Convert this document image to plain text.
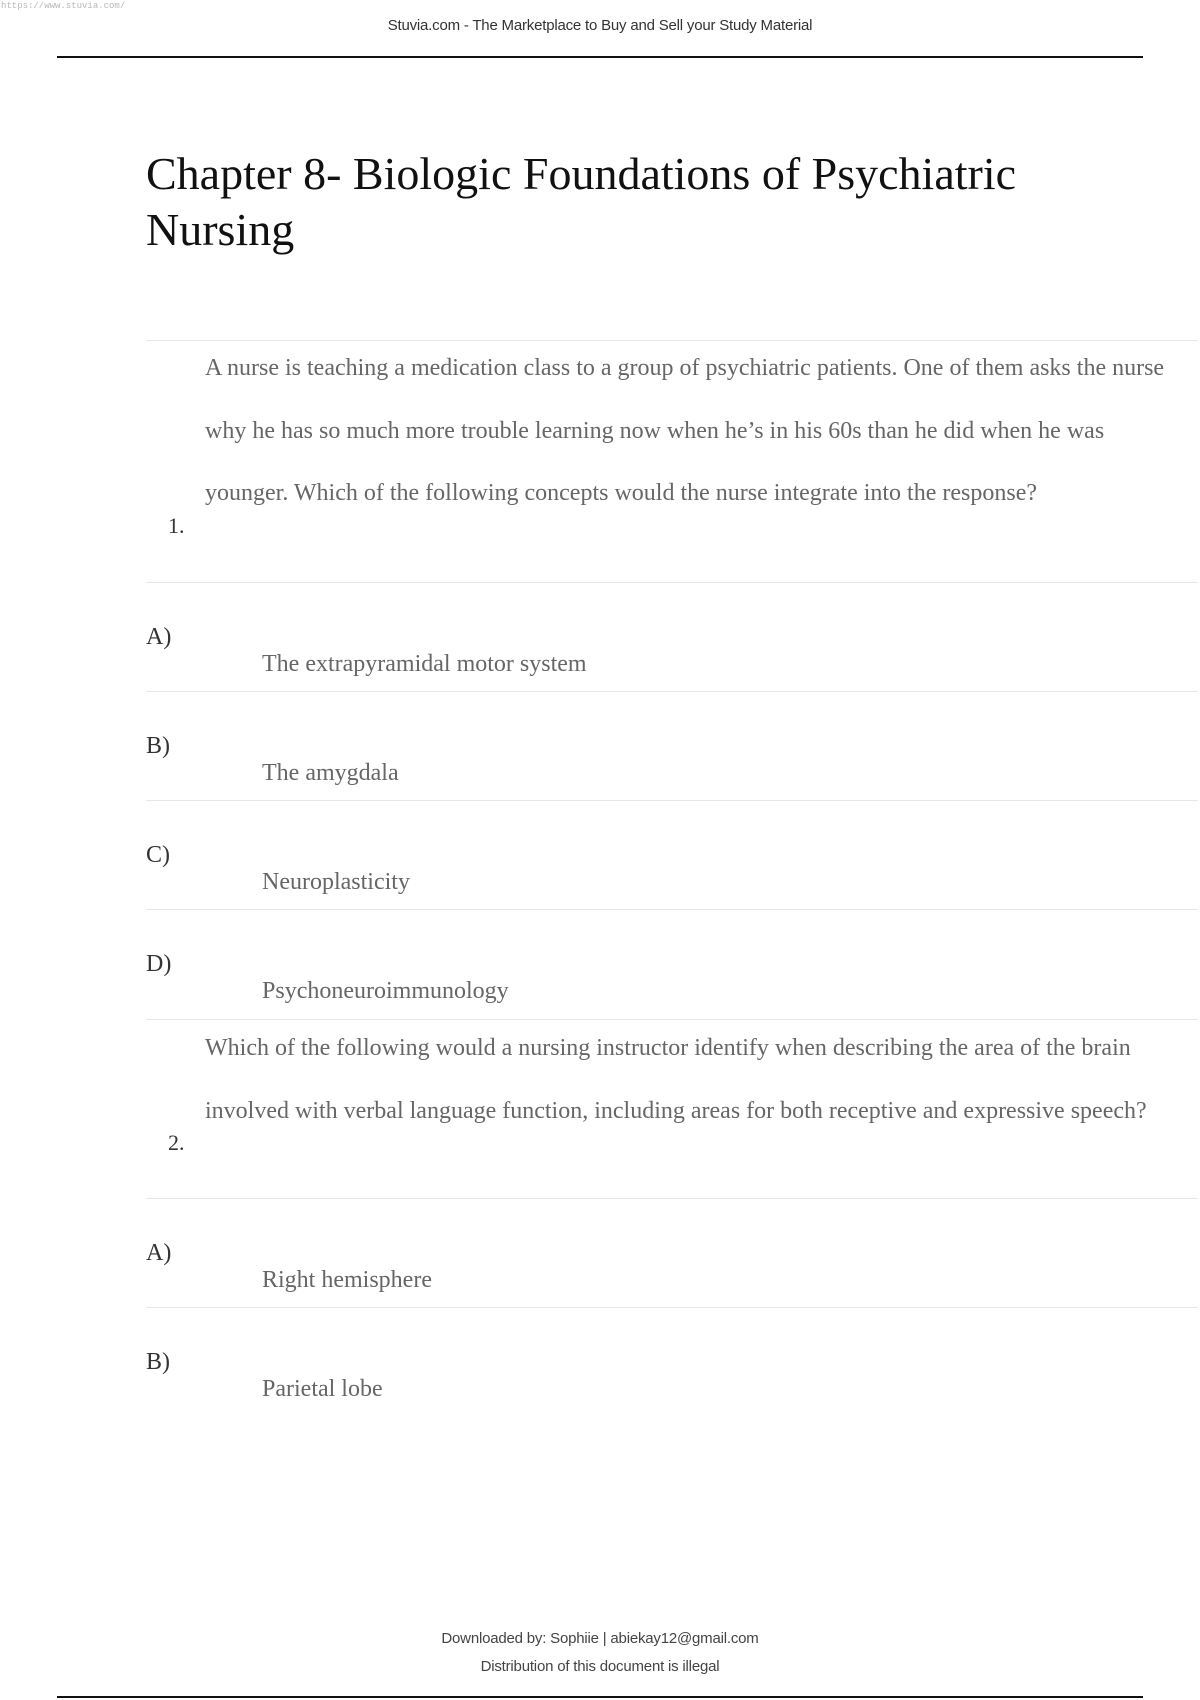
https://www.stuvia.com/
Stuvia.com - The Marketplace to Buy and Sell your Study Material
Chapter 8- Biologic Foundations of Psychiatric Nursing
1.

A nurse is teaching a medication class to a group of psychiatric patients. One of them asks the nurse why he has so much more trouble learning now when he’s in his 60s than he did when he was younger. Which of the following concepts would the nurse integrate into the response?

A)
The extrapyramidal motor system
B)
The amygdala
C)
Neuroplasticity
D)
Psychoneuroimmunology
2.

Which of the following would a nursing instructor identify when describing the area of the brain involved with verbal language function, including areas for both receptive and expressive speech?

A)
Right hemisphere
B)
Parietal lobe
Downloaded by: Sophiie | abiekay12@gmail.com
Distribution of this document is illegal
